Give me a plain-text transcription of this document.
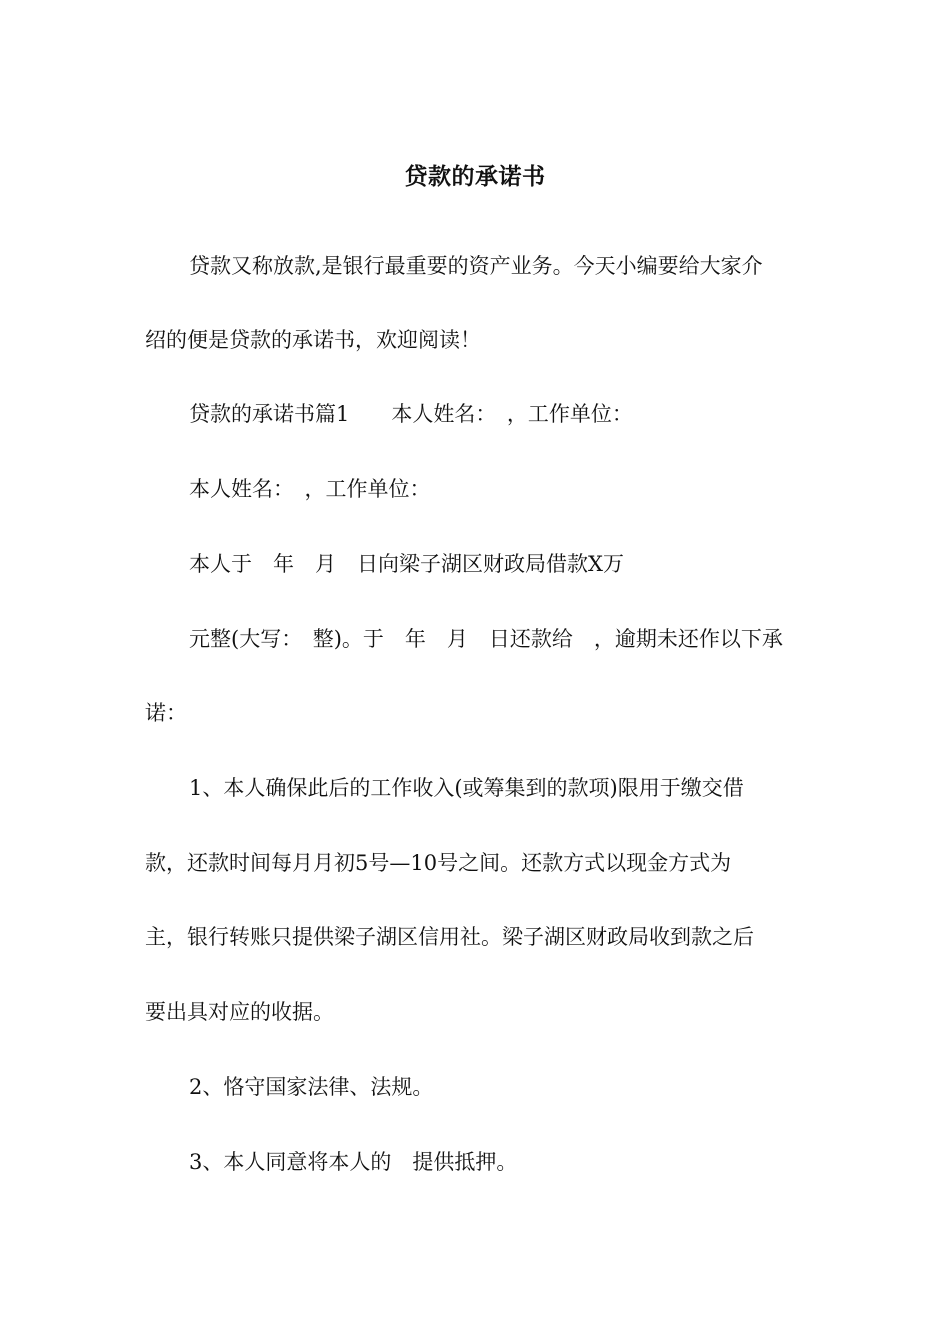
贷款的承诺书
贷款又称放款,是银行最重要的资产业务。今天小编要给大家介
绍的便是贷款的承诺书，欢迎阅读！
贷款的承诺书篇1　　本人姓名：　，工作单位：
本人姓名：　，工作单位：
本人于　年　月　日向梁子湖区财政局借款X万
元整(大写：　整)。于　年　月　日还款给　，逾期未还作以下承
诺：
1、本人确保此后的工作收入(或筹集到的款项)限用于缴交借
款，还款时间每月月初5号—10号之间。还款方式以现金方式为
主，银行转账只提供梁子湖区信用社。梁子湖区财政局收到款之后
要出具对应的收据。
2、恪守国家法律、法规。
3、本人同意将本人的　提供抵押。
